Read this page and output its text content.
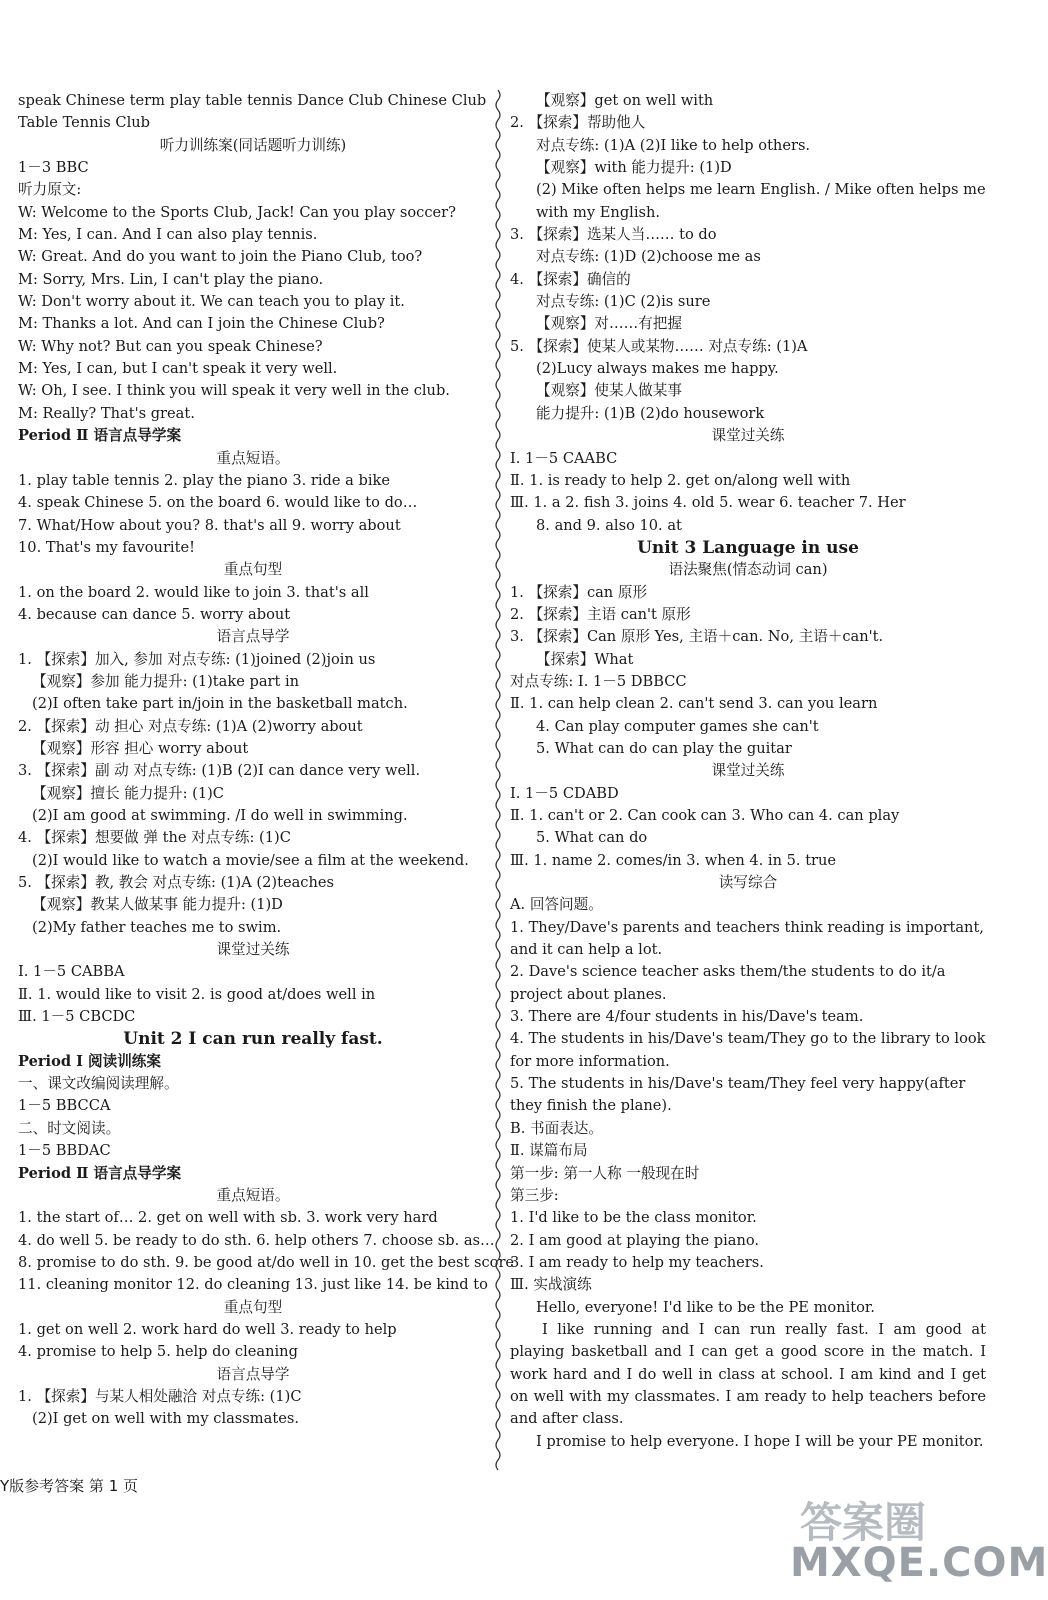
speak Chinese term play table tennis Dance Club Chinese Club
Table Tennis Club
听力训练案(同话题听力训练)
1－3 BBC
听力原文:
W: Welcome to the Sports Club, Jack! Can you play soccer?
M: Yes, I can. And I can also play tennis.
W: Great. And do you want to join the Piano Club, too?
M: Sorry, Mrs. Lin, I can't play the piano.
W: Don't worry about it. We can teach you to play it.
M: Thanks a lot. And can I join the Chinese Club?
W: Why not? But can you speak Chinese?
M: Yes, I can, but I can't speak it very well.
W: Oh, I see. I think you will speak it very well in the club.
M: Really? That's great.
Period Ⅱ 语言点导学案
重点短语。
1. play table tennis 2. play the piano 3. ride a bike
4. speak Chinese 5. on the board 6. would like to do…
7. What/How about you? 8. that's all 9. worry about
10. That's my favourite!
重点句型
1. on the board 2. would like to join 3. that's all
4. because can dance 5. worry about
语言点导学
1. 【探索】加入, 参加 对点专练: (1)joined (2)join us
【观察】参加 能力提升: (1)take part in
(2)I often take part in/join in the basketball match.
2. 【探索】动 担心 对点专练: (1)A (2)worry about
【观察】形容 担心 worry about
3. 【探索】副 动 对点专练: (1)B (2)I can dance very well.
【观察】擅长 能力提升: (1)C
(2)I am good at swimming. /I do well in swimming.
4. 【探索】想要做 弹 the 对点专练: (1)C
(2)I would like to watch a movie/see a film at the weekend.
5. 【探索】教, 教会 对点专练: (1)A (2)teaches
【观察】教某人做某事 能力提升: (1)D
(2)My father teaches me to swim.
课堂过关练
Ⅰ. 1－5 CABBA
Ⅱ. 1. would like to visit 2. is good at/does well in
Ⅲ. 1－5 CBCDC
Unit 2 I can run really fast.
Period Ⅰ 阅读训练案
一、课文改编阅读理解。
1－5 BBCCA
二、时文阅读。
1－5 BBDAC
Period Ⅱ 语言点导学案
重点短语。
1. the start of… 2. get on well with sb. 3. work very hard
4. do well 5. be ready to do sth. 6. help others 7. choose sb. as…
8. promise to do sth. 9. be good at/do well in 10. get the best score
11. cleaning monitor 12. do cleaning 13. just like 14. be kind to
重点句型
1. get on well 2. work hard do well 3. ready to help
4. promise to help 5. help do cleaning
语言点导学
1. 【探索】与某人相处融洽 对点专练: (1)C
(2)I get on well with my classmates.
【观察】get on well with
2. 【探索】帮助他人
对点专练: (1)A (2)I like to help others.
【观察】with 能力提升: (1)D
(2) Mike often helps me learn English. / Mike often helps me with my English.
3. 【探索】选某人当…… to do
对点专练: (1)D (2)choose me as
4. 【探索】确信的
对点专练: (1)C (2)is sure
【观察】对……有把握
5. 【探索】使某人或某物…… 对点专练: (1)A
(2)Lucy always makes me happy.
【观察】使某人做某事
能力提升: (1)B (2)do housework
课堂过关练
Ⅰ. 1－5 CAABC
Ⅱ. 1. is ready to help 2. get on/along well with
Ⅲ. 1. a 2. fish 3. joins 4. old 5. wear 6. teacher 7. Her
8. and 9. also 10. at
Unit 3 Language in use
语法聚焦(情态动词 can)
1. 【探索】can 原形
2. 【探索】主语 can't 原形
3. 【探索】Can 原形 Yes, 主语＋can. No, 主语＋can't.
【探索】What
对点专练: Ⅰ. 1－5 DBBCC
Ⅱ. 1. can help clean 2. can't send 3. can you learn
4. Can play computer games she can't
5. What can do can play the guitar
课堂过关练
Ⅰ. 1－5 CDABD
Ⅱ. 1. can't or 2. Can cook can 3. Who can 4. can play
5. What can do
Ⅲ. 1. name 2. comes/in 3. when 4. in 5. true
读写综合
A. 回答问题。
1. They/Dave's parents and teachers think reading is important, and it can help a lot.
2. Dave's science teacher asks them/the students to do it/a project about planes.
3. There are 4/four students in his/Dave's team.
4. The students in his/Dave's team/They go to the library to look for more information.
5. The students in his/Dave's team/They feel very happy(after they finish the plane).
B. 书面表达。
Ⅱ. 谋篇布局
第一步: 第一人称 一般现在时
第三步:
1. I'd like to be the class monitor.
2. I am good at playing the piano.
3. I am ready to help my teachers.
Ⅲ. 实战演练
Hello, everyone! I'd like to be the PE monitor.
I like running and I can run really fast. I am good at playing basketball and I can get a good score in the match. I work hard and I do well in class at school. I am kind and I get on well with my classmates. I am ready to help teachers before and after class.
I promise to help everyone. I hope I will be your PE monitor.
Y版参考答案 第 1 页
答案圈
MXQE.COM
